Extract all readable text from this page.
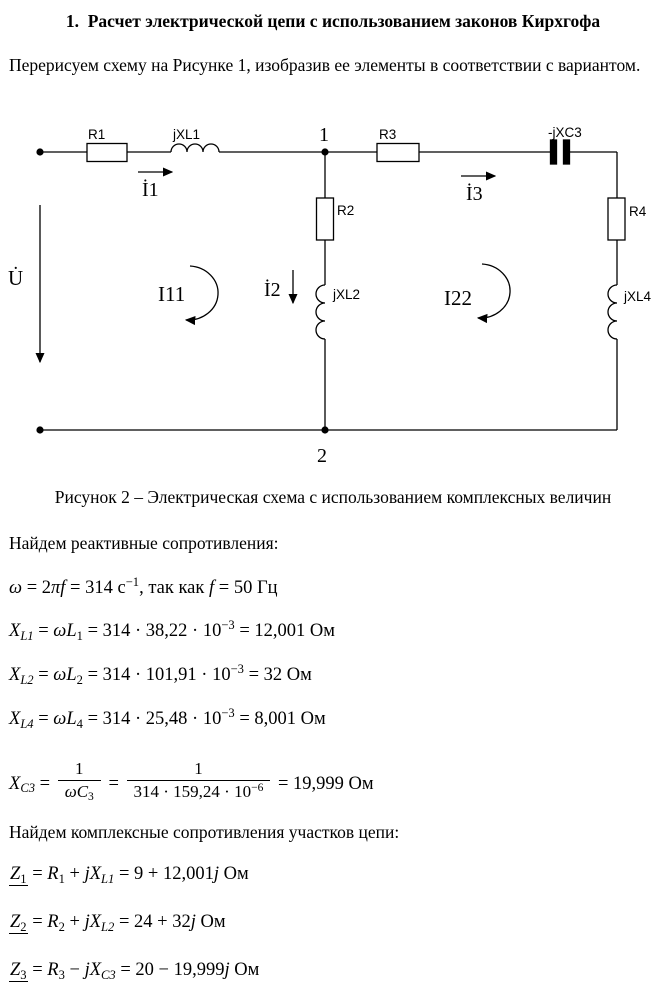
1.  Расчет электрической цепи с использованием законов Кирхгофа
Перерисуем схему на Рисунке 1, изобразив ее элементы в соответствии с вариантом.
R1	jXL1	1	R3	-jXC3
R2	R4
jXL2	jXL4
2
U̇
İ1
İ2
İ3
I11	I22
Рисунок 2 – Электрическая схема с использованием комплексных величин
Найдем реактивные сопротивления:
ω = 2πf = 314 $с^{-1}$, так как f = 50 Гц
$XL1 = \omega L1 = 314 \cdot 38,22 \cdot 10^{-3} = 12,001$ Ом
$XL2 = \omega L2 = 314 \cdot 101,91 \cdot 10^{-3} = 32$ Ом
$XL4 = \omega L4 = 314 \cdot 25,48 \cdot 10^{-3} = 8,001$ Ом
$XC3 = \frac{1}{\omega C3} = \frac{1}{314 \cdot 159,24 \cdot 10^{-6}} = 19,999$ Ом
Найдем комплексные сопротивления участков цепи:
Z1 = R1 + jXL1 = 9 + 12,001j Ом
Z2 = R2 + jXL2 = 24 + 32j Ом
Z3 = R3 − jXC3 = 20 − 19,999j Ом
